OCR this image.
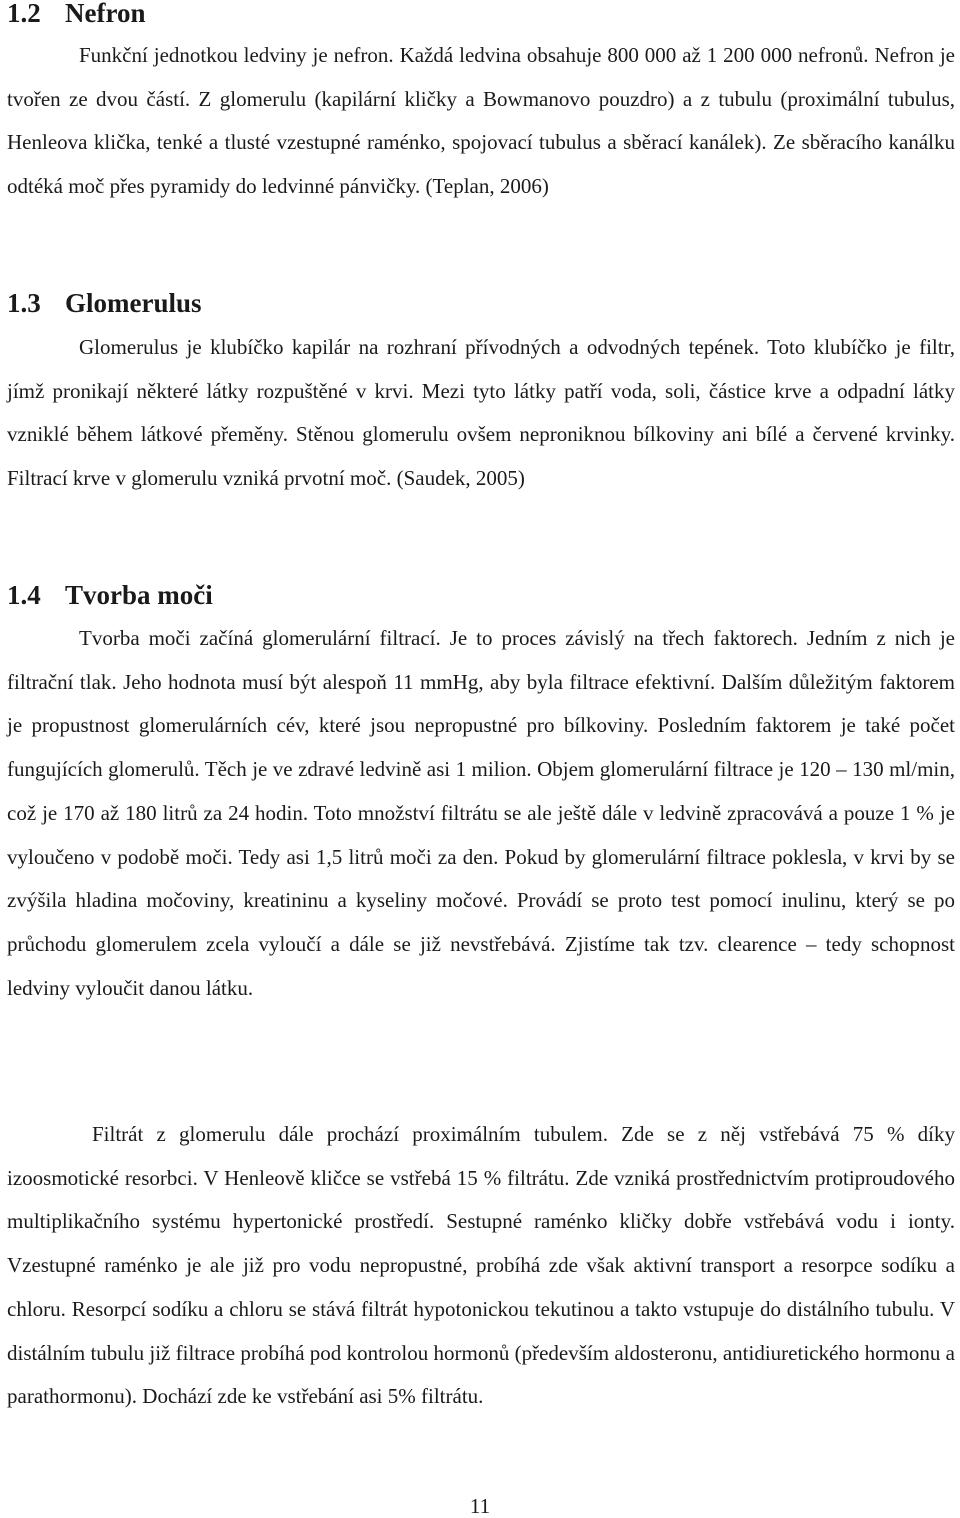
1.2 Nefron

Funkční jednotkou ledviny je nefron. Každá ledvina obsahuje 800 000 až 1 200 000 nefronů. Nefron je tvořen ze dvou částí. Z glomerulu (kapilární kličky a Bowmanovo pouzdro) a z tubulu (proximální tubulus, Henleova klička, tenké a tlusté vzestupné raménko, spojovací tubulus a sběrací kanálek). Ze sběracího kanálku odtéká moč přes pyramidy do ledvinné pánvičky. (Teplan, 2006)

1.3 Glomerulus

Glomerulus je klubíčko kapilár na rozhraní přívodných a odvodných tepének. Toto klubíčko je filtr, jímž pronikají některé látky rozpuštěné v krvi. Mezi tyto látky patří voda, soli, částice krve a odpadní látky vzniklé během látkové přeměny. Stěnou glomerulu ovšem neproniknou bílkoviny ani bílé a červené krvinky. Filtrací krve v glomerulu vzniká prvotní moč. (Saudek, 2005)

1.4 Tvorba moči

Tvorba moči začíná glomerulární filtrací. Je to proces závislý na třech faktorech. Jedním z nich je filtrační tlak. Jeho hodnota musí být alespoň 11 mmHg, aby byla filtrace efektivní. Dalším důležitým faktorem je propustnost glomerulárních cév, které jsou nepropustné pro bílkoviny. Posledním faktorem je také počet fungujících glomerulů. Těch je ve zdravé ledvině asi 1 milion. Objem glomerulární filtrace je 120 – 130 ml/min, což je 170 až 180 litrů za 24 hodin. Toto množství filtrátu se ale ještě dále v ledvině zpracovává a pouze 1 % je vyloučeno v podobě moči. Tedy asi 1,5 litrů moči za den. Pokud by glomerulární filtrace poklesla, v krvi by se zvýšila hladina močoviny, kreatininu a kyseliny močové. Provádí se proto test pomocí inulinu, který se po průchodu glomerulem zcela vyloučí a dále se již nevstřebává. Zjistíme tak tzv. clearence – tedy schopnost ledviny vyloučit danou látku.

Filtrát z glomerulu dále prochází proximálním tubulem. Zde se z něj vstřebává 75 % díky izoosmotické resorbci. V Henleově kličce se vstřebá 15 % filtrátu. Zde vzniká prostřednictvím protiproudového multiplikačního systému hypertonické prostředí. Sestupné raménko kličky dobře vstřebává vodu i ionty. Vzestupné raménko je ale již pro vodu nepropustné, probíhá zde však aktivní transport a resorpce sodíku a chloru. Resorpcí sodíku a chloru se stává filtrát hypotonickou tekutinou a takto vstupuje do distálního tubulu. V distálním tubulu již filtrace probíhá pod kontrolou hormonů (především aldosteronu, antidiuretického hormonu a parathormonu). Dochází zde ke vstřebání asi 5% filtrátu.

11
